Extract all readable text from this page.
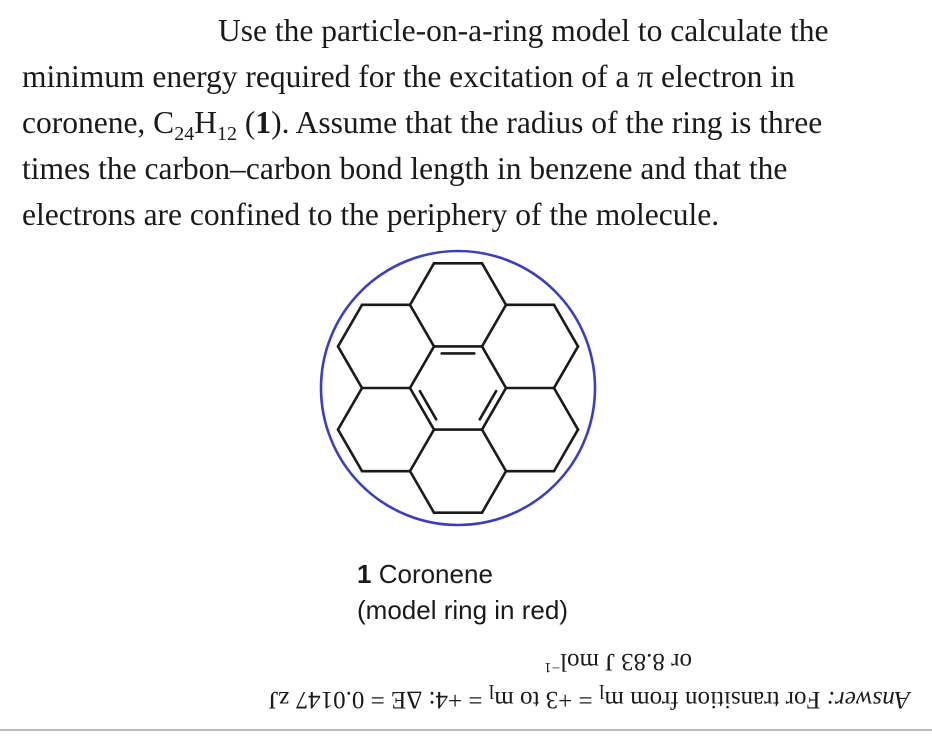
Use the particle-on-a-ring model to calculate the
minimum energy required for the excitation of a π electron in
coronene, $C_{24}H_{12}$ (1). Assume that the radius of the ring is three
times the carbon–carbon bond length in benzene and that the
electrons are confined to the periphery of the molecule.
1 Coronene
(model ring in red)
Answer: For transition from $m_l = +3$ to $m_l = +4$: ΔE = 0.0147 zJ
or 8.83 J mol$^{-1}$
